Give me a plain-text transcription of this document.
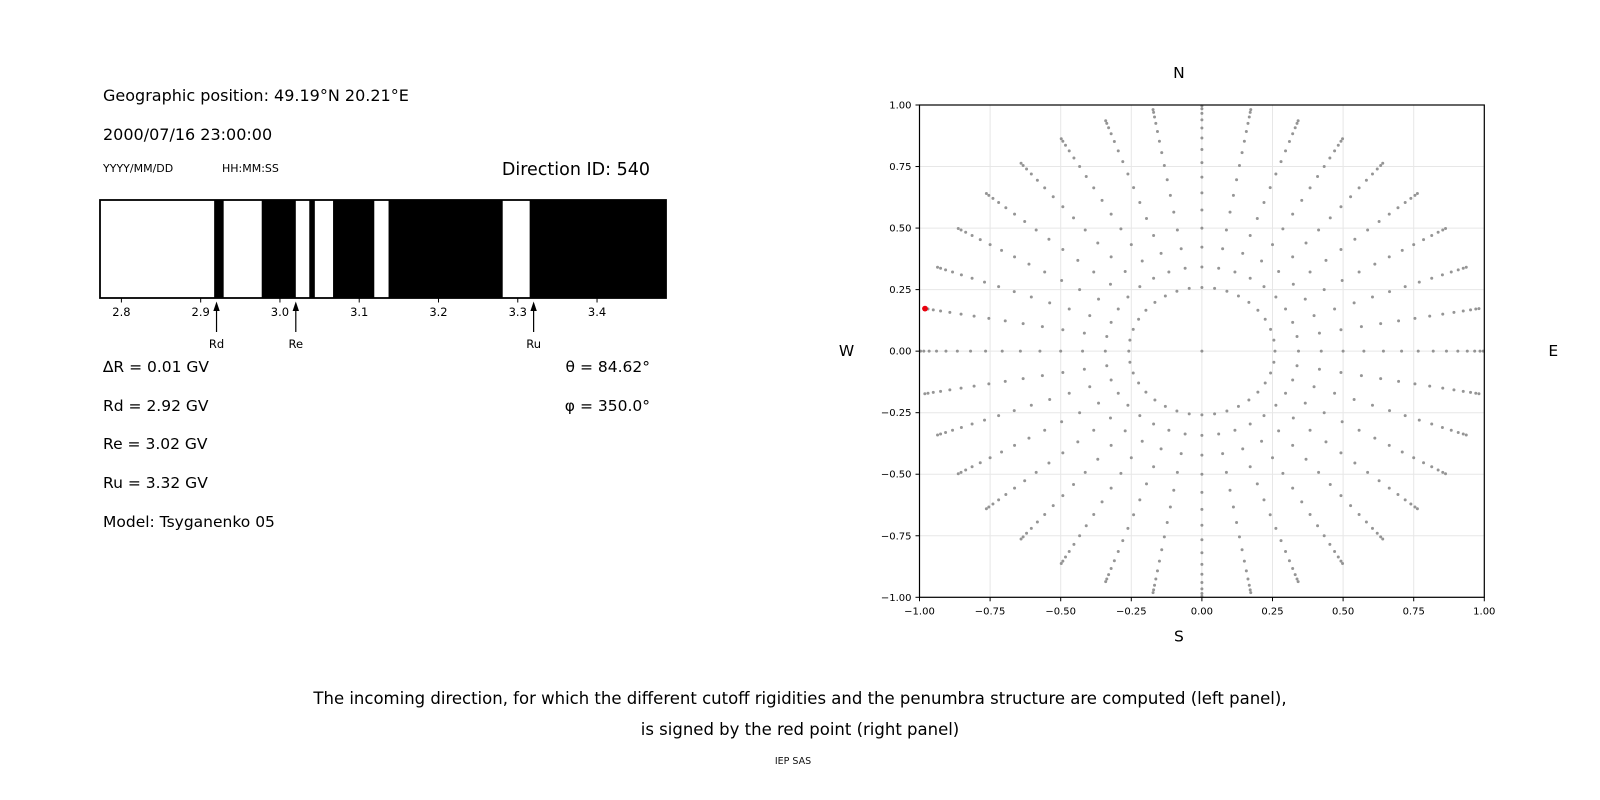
Geographic position: 49.19°N 20.21°E
2000/07/16 23:00:00
YYYY/MM/DD	HH:MM:SS	Direction ID: 540
2.8	2.9	3.0	3.1	3.2	3.3	3.4
Rd	Re	Ru
∆R = 0.01 GV
Rd = 2.92 GV
Re = 3.02 GV
Ru = 3.32 GV
Model: Tsyganenko 05
θ = 84.62°
φ = 350.0°
−1.00	−0.75	−0.50	−0.25	0.00	0.25	0.50	0.75	1.00
−1.00
−0.75
−0.50
−0.25
0.00
0.25
0.50
0.75
1.00
N
S
W	E
The incoming direction, for which the different cutoff rigidities and the penumbra structure are computed (left panel),
is signed by the red point (right panel)
IEP SAS
